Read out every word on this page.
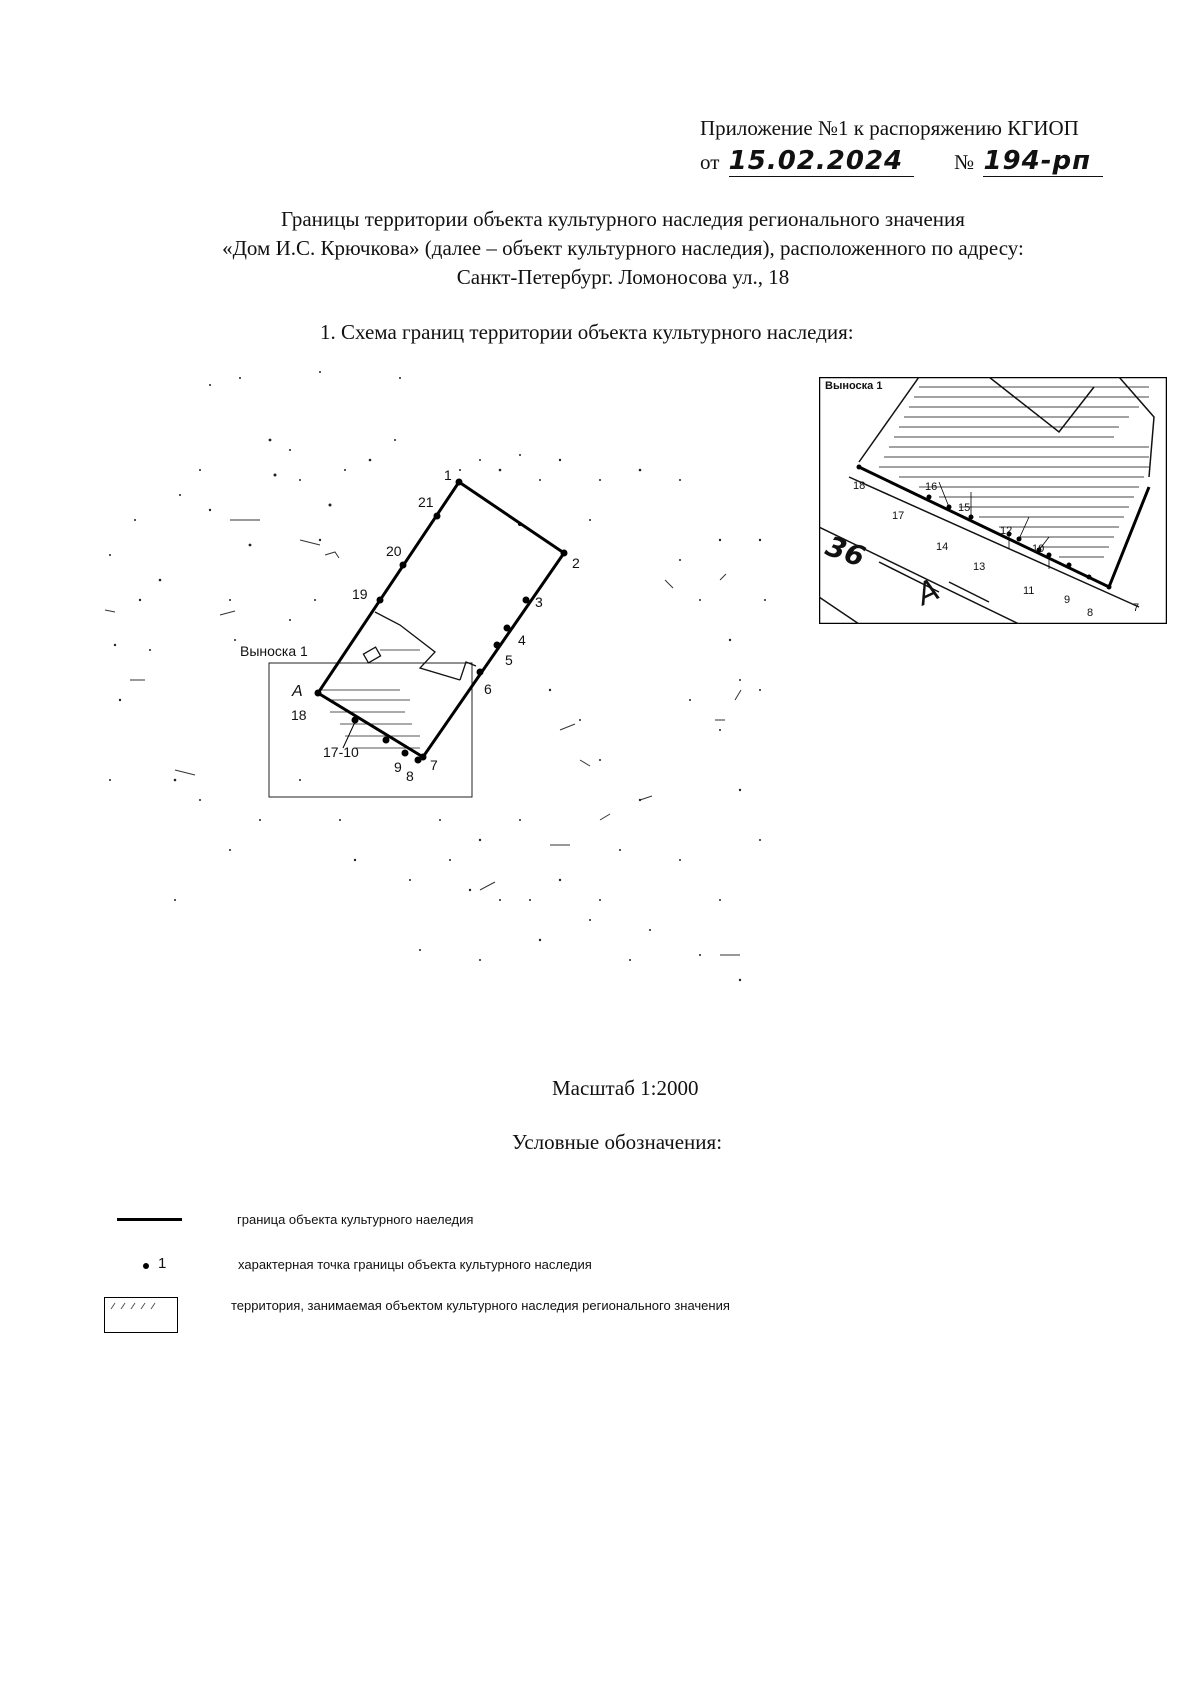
Приложение №1 к распоряжению КГИОП
от 15.02.2024 № 194-рп
Границы территории объекта культурного наследия регионального значения
«Дом И.С. Крючкова» (далее – объект культурного наследия), расположенного по адресу:
Санкт-Петербург. Ломоносова ул., 18
1. Схема границ территории объекта культурного наследия:
Выноска 1
А
1
2
3
4
5
6
7
8
9
17-10
18
19
20
21
Выноска 1
А
36
7
8
9
10
11
12
13
14
15
16
17
18
Масштаб 1:2000
Условные обозначения:
граница объекта культурного наеледия
1	характерная точка границы объекта культурного наследия
территория, занимаемая объектом культурного наследия регионального значения
